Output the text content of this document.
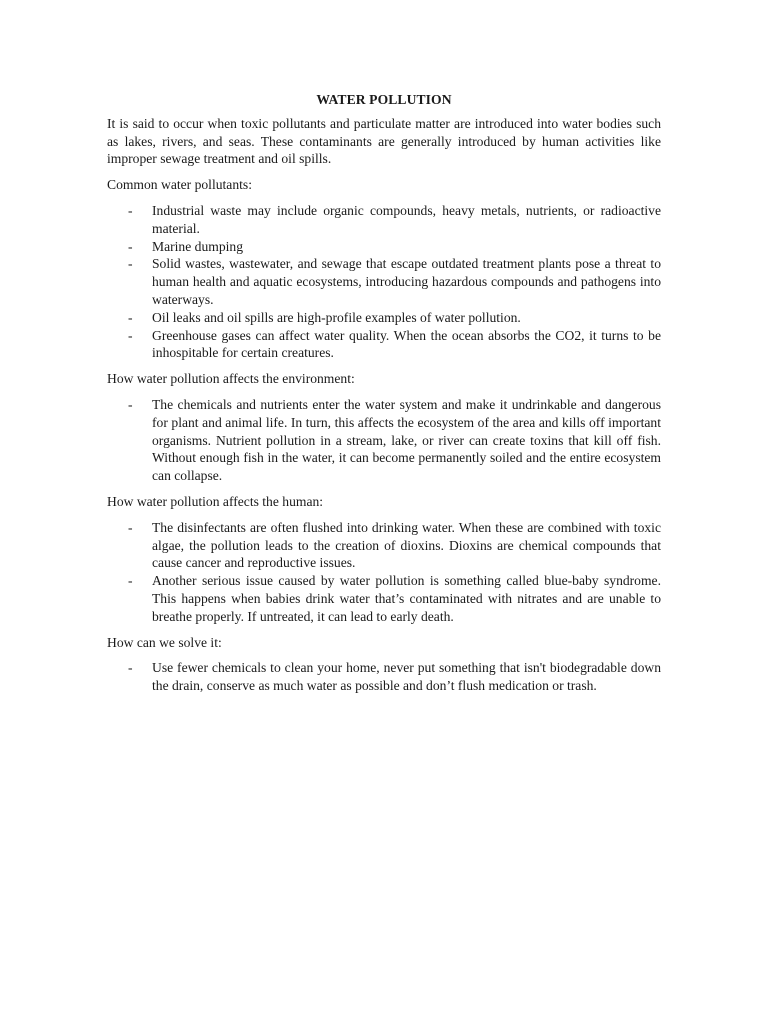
WATER POLLUTION

It is said to occur when toxic pollutants and particulate matter are introduced into water bodies such as lakes, rivers, and seas. These contaminants are generally introduced by human activities like improper sewage treatment and oil spills.

Common water pollutants:

- Industrial waste may include organic compounds, heavy metals, nutrients, or radioactive material.
- Marine dumping
- Solid wastes, wastewater, and sewage that escape outdated treatment plants pose a threat to human health and aquatic ecosystems, introducing hazardous compounds and pathogens into waterways.
- Oil leaks and oil spills are high-profile examples of water pollution.
- Greenhouse gases can affect water quality. When the ocean absorbs the CO2, it turns to be inhospitable for certain creatures.

How water pollution affects the environment:

- The chemicals and nutrients enter the water system and make it undrinkable and dangerous for plant and animal life. In turn, this affects the ecosystem of the area and kills off important organisms. Nutrient pollution in a stream, lake, or river can create toxins that kill off fish. Without enough fish in the water, it can become permanently soiled and the entire ecosystem can collapse.

How water pollution affects the human:

- The disinfectants are often flushed into drinking water. When these are combined with toxic algae, the pollution leads to the creation of dioxins. Dioxins are chemical compounds that cause cancer and reproductive issues.
- Another serious issue caused by water pollution is something called blue-baby syndrome. This happens when babies drink water that’s contaminated with nitrates and are unable to breathe properly. If untreated, it can lead to early death.

How can we solve it:

- Use fewer chemicals to clean your home, never put something that isn't biodegradable down the drain, conserve as much water as possible and don’t flush medication or trash.
